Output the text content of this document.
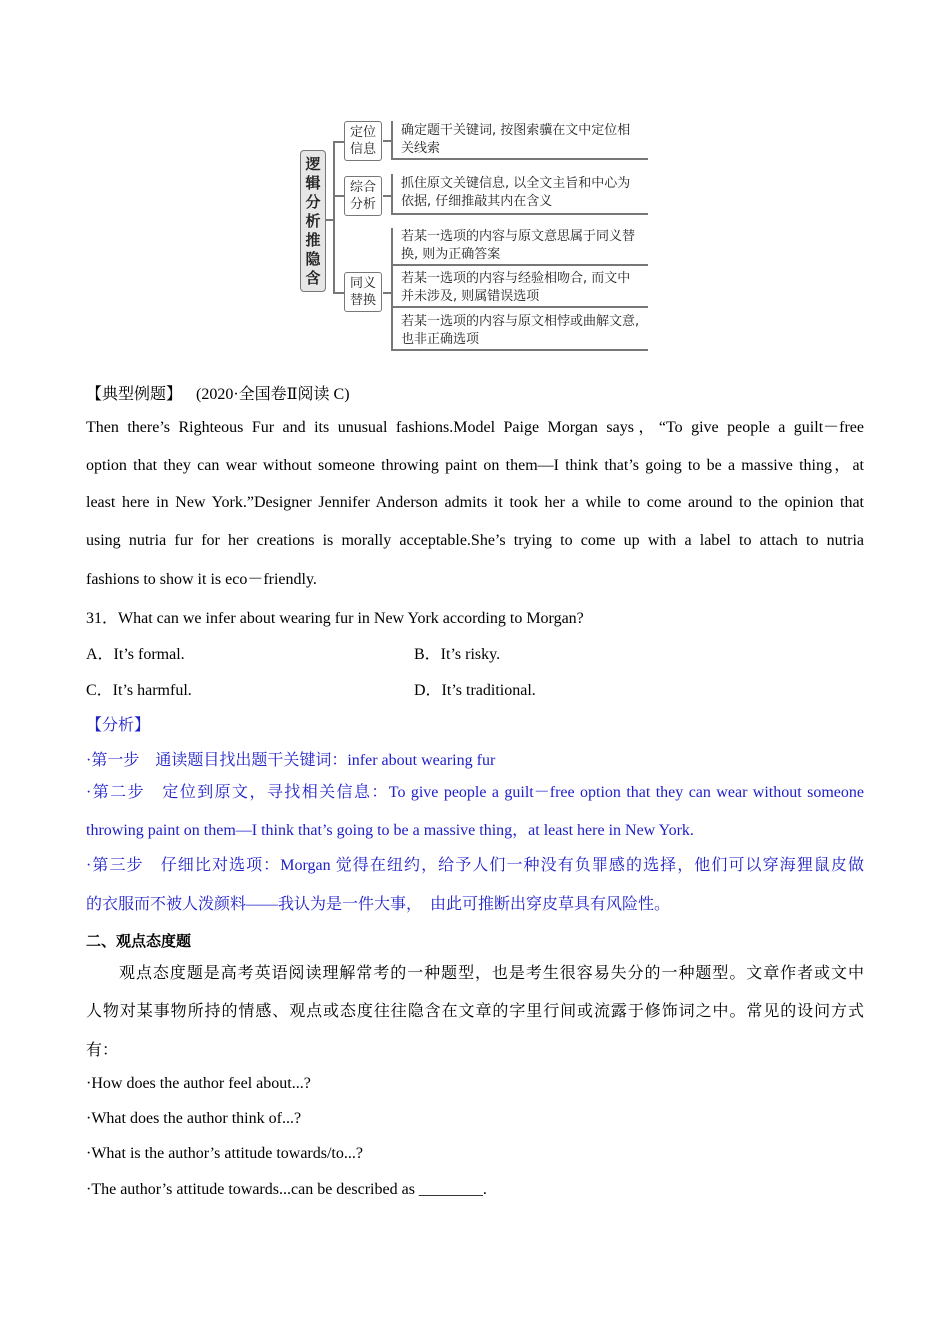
逻
辑
分
析
推
隐
含
定位
信息
确定题干关键词, 按图索骥在文中定位相
关线索
综合
分析
抓住原文关键信息, 以全文主旨和中心为
依据, 仔细推敲其内在含义
同义
替换
若某一选项的内容与原文意思属于同义替
换, 则为正确答案
若某一选项的内容与经验相吻合, 而文中
并未涉及, 则属错误选项
若某一选项的内容与原文相悖或曲解文意,
也非正确选项
【典型例题】 (2020·全国卷Ⅱ阅读 C)
Then there’s Righteous Fur and its unusual fashions.Model Paige Morgan says，“To give people a guilt－free
option that they can wear without someone throwing paint on them—I think that’s going to be a massive thing，at
least here in New York.”Designer Jennifer Anderson admits it took her a while to come around to the opinion that
using nutria fur for her creations is morally acceptable.She’s trying to come up with a label to attach to nutria
fashions to show it is eco－friendly.
31．What can we infer about wearing fur in New York according to Morgan?
A．It’s formal.	B．It’s risky.
C．It’s harmful.	D．It’s traditional.
【分析】
·第一步　通读题目找出题干关键词：infer about wearing fur
·第二步　定位到原文，寻找相关信息：To give people a guilt－free option that they can wear without someone
throwing paint on them—I think that’s going to be a massive thing，at least here in New York.
·第三步　仔细比对选项：Morgan 觉得在纽约，给予人们一种没有负罪感的选择，他们可以穿海狸鼠皮做
的衣服而不被人泼颜料——我认为是一件大事，　由此可推断出穿皮草具有风险性。
二、观点态度题
观点态度题是高考英语阅读理解常考的一种题型，也是考生很容易失分的一种题型。文章作者或文中
人物对某事物所持的情感、观点或态度往往隐含在文章的字里行间或流露于修饰词之中。常见的设问方式
有：
·How does the author feel about...?
·What does the author think of...?
·What is the author’s attitude towards/to...?
·The author’s attitude towards...can be described as ________.
